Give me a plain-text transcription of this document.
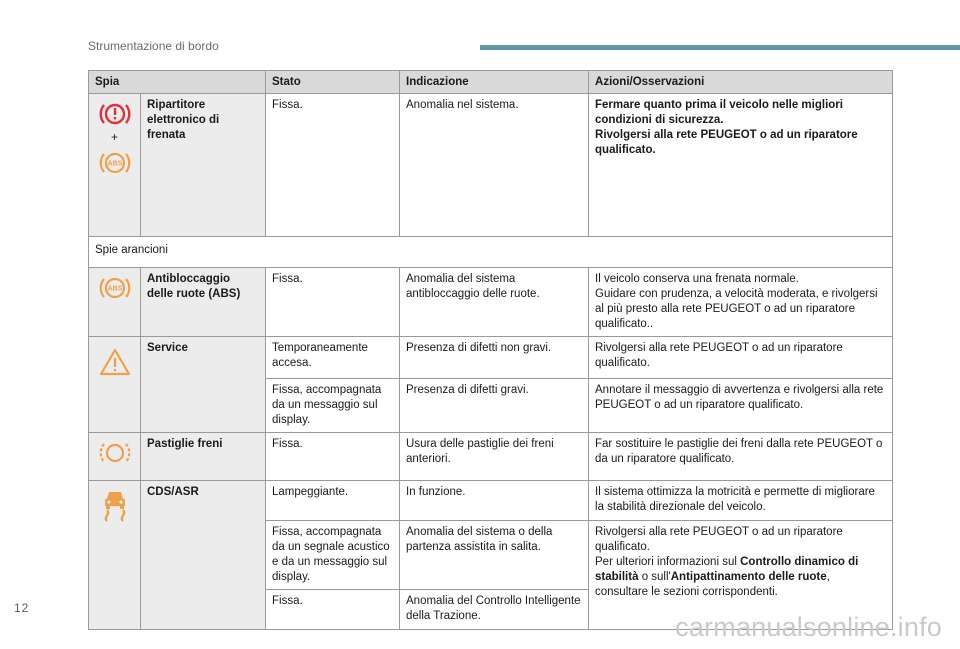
Strumentazione di bordo
Spia		Stato	Indicazione	Azioni/Osservazioni

+
ABS	Ripartitore elettronico di frenata	Fissa.	Anomalia nel sistema.	Fermare quanto prima il veicolo nelle migliori condizioni di sicurezza.
Rivolgersi alla rete PEUGEOT o ad un riparatore qualificato.
Spie arancioni				

ABS	Antibloccaggio delle ruote (ABS)	Fissa.	Anomalia del sistema antibloccaggio delle ruote.	Il veicolo conserva una frenata normale.
Guidare con prudenza, a velocità moderata, e rivolgersi al più presto alla rete PEUGEOT o ad un riparatore qualificato..

	Service	Temporaneamente accesa.	Presenza di difetti non gravi.	Rivolgersi alla rete PEUGEOT o ad un riparatore qualificato.
		Fissa, accompagnata da un messaggio sul display.	Presenza di difetti gravi.	Annotare il messaggio di avvertenza e rivolgersi alla rete PEUGEOT o ad un riparatore qualificato.

	Pastiglie freni	Fissa.	Usura delle pastiglie dei freni anteriori.	Far sostituire le pastiglie dei freni dalla rete PEUGEOT o da un riparatore qualificato.

	CDS/ASR	Lampeggiante.	In funzione.	Il sistema ottimizza la motricità e permette di migliorare la stabilità direzionale del veicolo.
		Fissa, accompagnata da un segnale acustico e da un messaggio sul display.	Anomalia del sistema o della partenza assistita in salita.	Rivolgersi alla rete PEUGEOT o ad un riparatore qualificato.
Per ulteriori informazioni sul Controllo dinamico di stabilità o sull'Antipattinamento delle ruote, consultare le sezioni corrispondenti.
		Fissa.	Anomalia del Controllo Intelligente della Trazione.	
12
carmanualsonline.info
